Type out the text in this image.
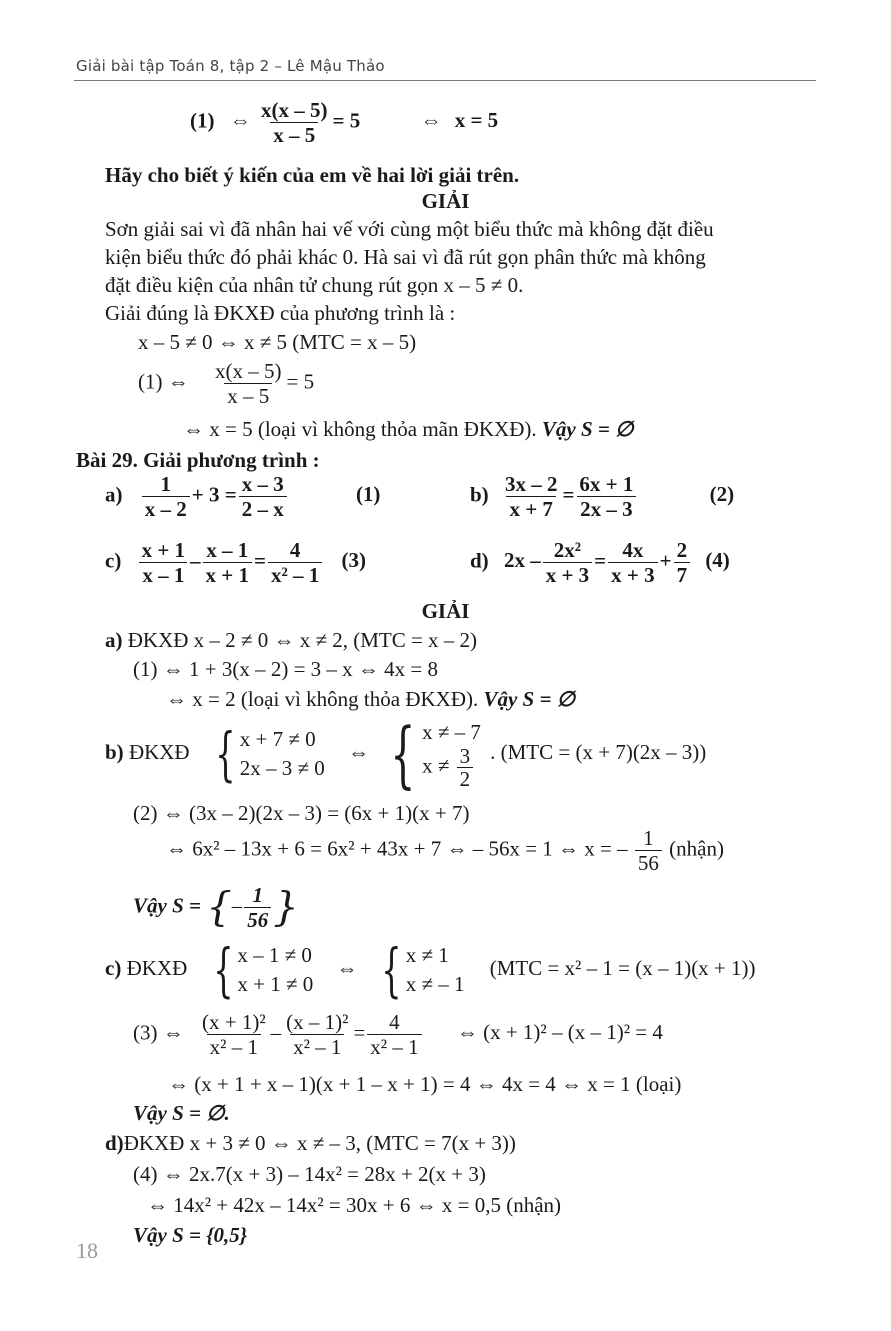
Giải bài tập Toán 8, tập 2 – Lê Mậu Thảo
(1) ⇔ $\frac{x(x - 5)}{x - 5} = 5$	⇔ x = 5
Hãy cho biết ý kiến của em về hai lời giải trên.
GIẢI
Sơn giải sai vì đã nhân hai vế với cùng một biểu thức mà không đặt điều
kiện biểu thức đó phải khác 0. Hà sai vì đã rút gọn phân thức mà không
đặt điều kiện của nhân tử chung rút gọn x – 5 ≠ 0.
Giải đúng là ĐKXĐ của phương trình là :
x – 5 ≠ 0 ⇔ x ≠ 5 (MTC = x – 5)
(1) ⇔ $\frac{x(x - 5)}{x - 5} = 5$
⇔ x = 5 (loại vì không thỏa mãn ĐKXĐ). Vậy S = ∅
Bài 29. Giải phương trình :
$a) \frac{1}{x - 2} + 3 = \frac{x - 3}{2 - x}$	(1)	$b) \frac{3x - 2}{x + 7} = \frac{6x + 1}{2x - 3}$	(2)
$c) \frac{x + 1}{x - 1} - \frac{x - 1}{x + 1} = \frac{4}{\text{x² – 1}} (3)$	d) $2x - \frac{\text{2x²}}{x + 3} = \frac{4x}{x + 3} + \frac{2}{7} (4)$
GIẢI
a) ĐKXĐ x – 2 ≠ 0 ⇔ x ≠ 2, (MTC = x – 2)
(1) ⇔ 1 + 3(x – 2) = 3 – x ⇔ 4x = 8
⇔ x = 2 (loại vì không thỏa ĐKXĐ). Vậy S = ∅
b) ĐKXĐ { x + 7 ≠ 0
2x – 3 ≠ 0
⇔ { x ≠ – 7
$x \ne \frac{3}{2}$ . (MTC = (x + 7)(2x – 3))
(2) ⇔ (3x – 2)(2x – 3) = (6x + 1)(x + 7)
⇔ 6x² – 13x + 6 = 6x² + 43x + 7 ⇔ – 56x = 1 ⇔ x = – $\frac{1}{56}$ (nhận)
Vậy S = {– $\frac{1}{56}$ }
c) ĐKXĐ { x – 1 ≠ 0
x + 1 ≠ 0
⇔ { x ≠ 1
x ≠ – 1
(MTC = x² – 1 = (x – 1)(x + 1))
(3) ⇔ $\frac{\text{(x + 1)²}}{\text{x² – 1}} - \frac{\text{(x – 1)²}}{\text{x² – 1}} = \frac{4}{\text{x² – 1}}$ ⇔ (x + 1)² – (x – 1)² = 4
⇔ (x + 1 + x – 1)(x + 1 – x + 1) = 4 ⇔ 4x = 4 ⇔ x = 1 (loại)
Vậy S = ∅.
d)ĐKXĐ x + 3 ≠ 0 ⇔ x ≠ – 3, (MTC = 7(x + 3))
(4) ⇔ 2x.7(x + 3) – 14x² = 28x + 2(x + 3)
⇔ 14x² + 42x – 14x² = 30x + 6 ⇔ x = 0,5 (nhận)
Vậy S = {0,5}
18
